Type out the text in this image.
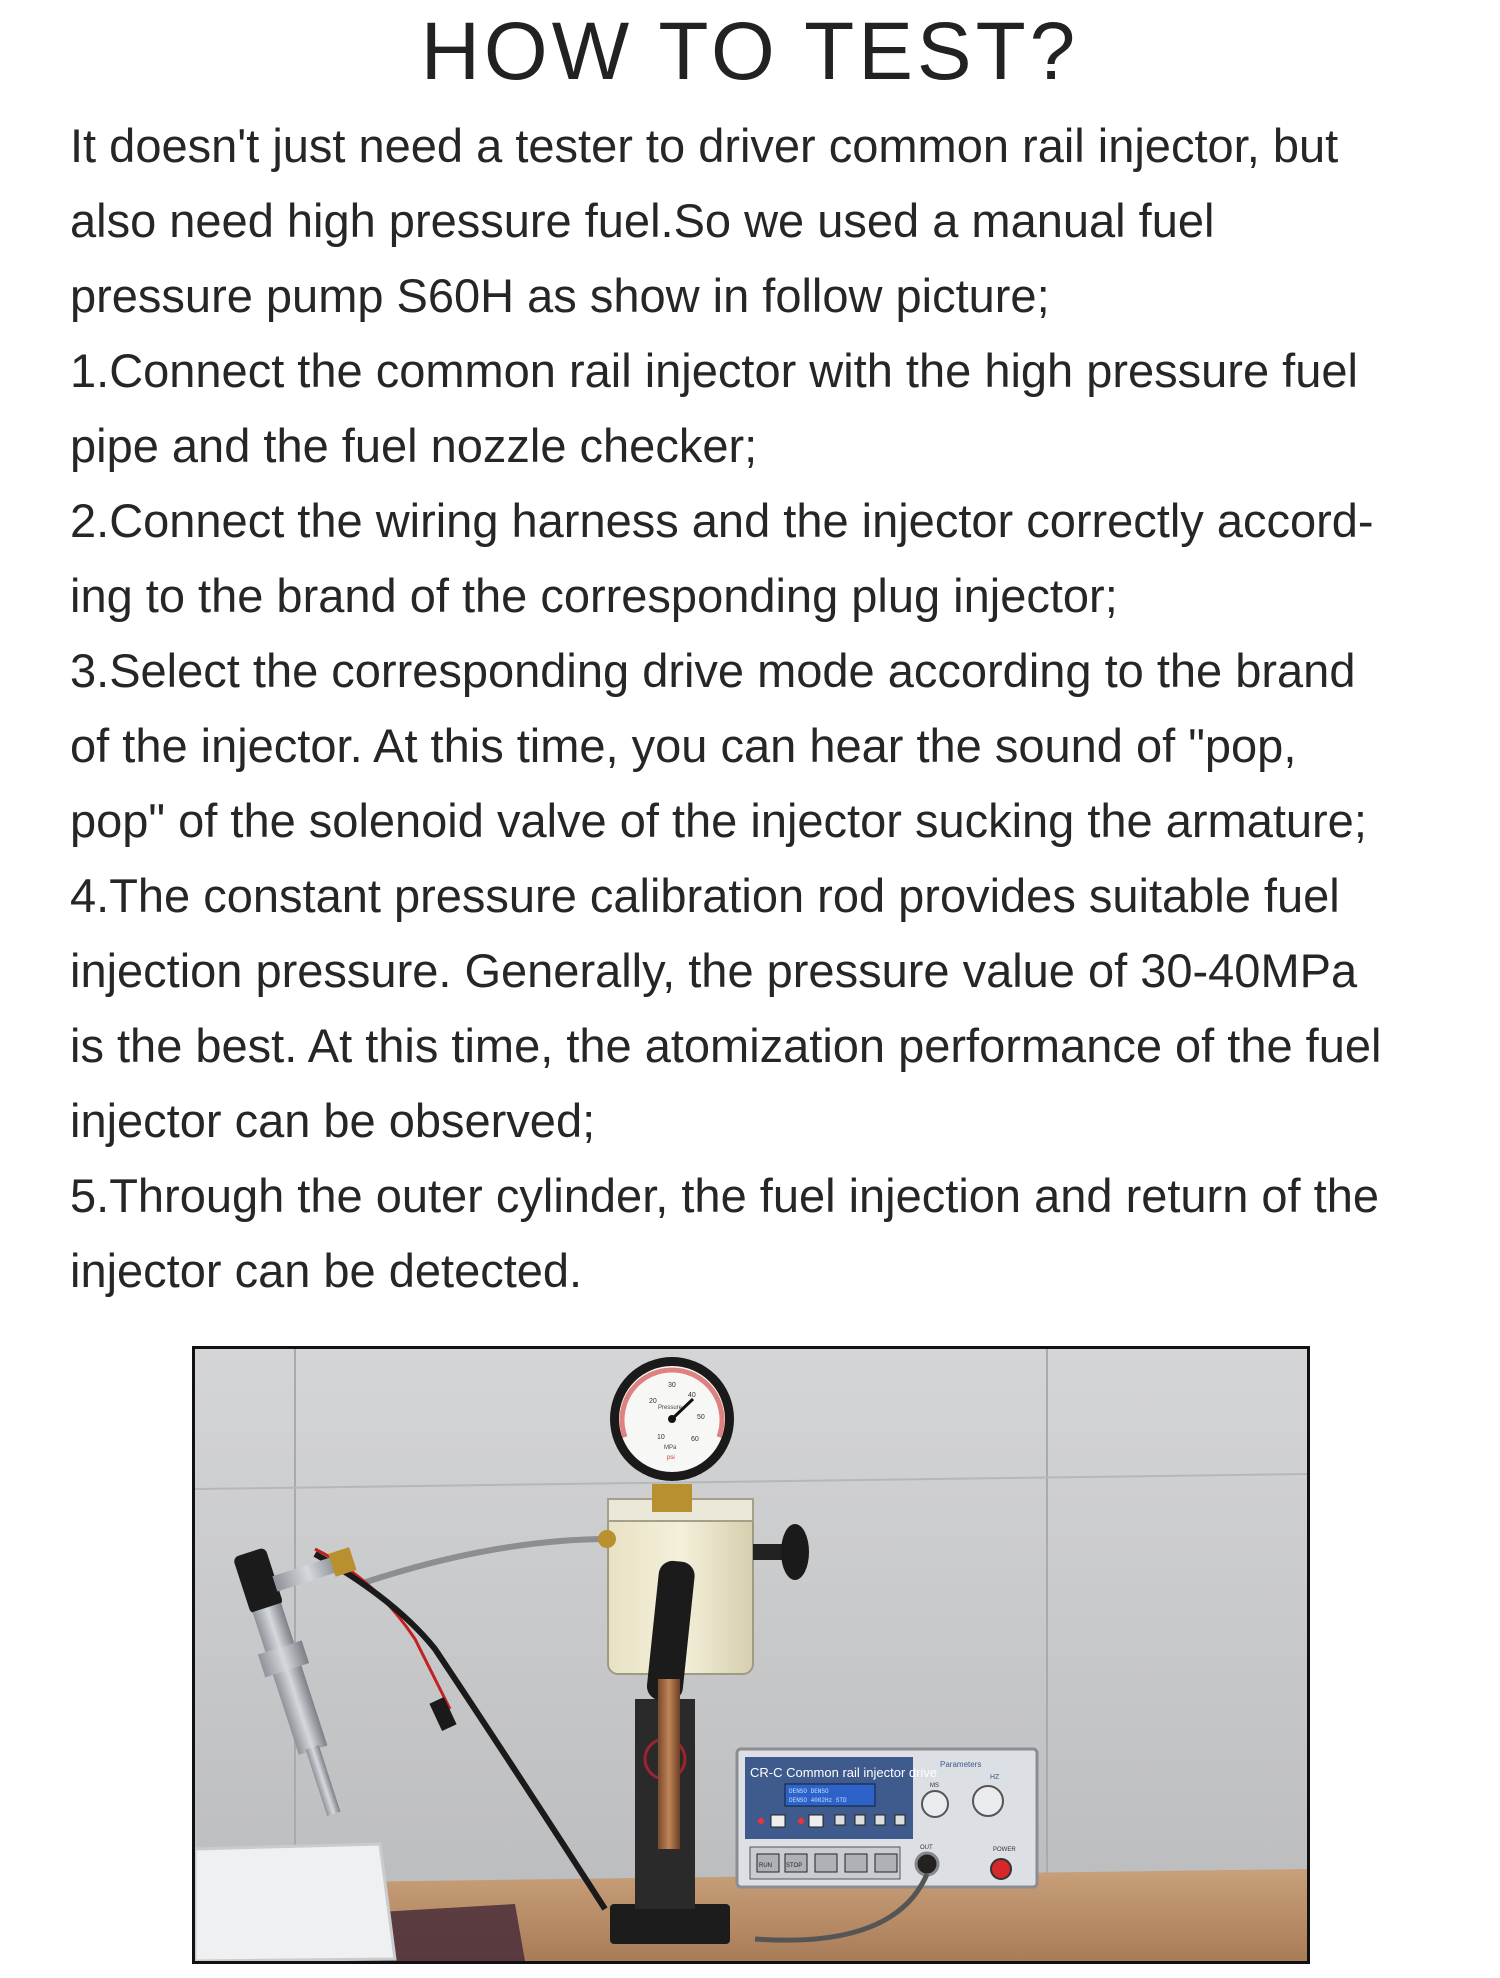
HOW TO TEST?
It doesn't just need a tester to driver common rail injector, but
also need high pressure fuel.So we used a manual fuel
pressure pump S60H as show in follow picture;
1.Connect the common rail injector with the high pressure fuel
pipe and the fuel nozzle checker;
2.Connect the wiring harness and the injector correctly accord-
ing to the brand of the corresponding plug injector;
3.Select the corresponding drive mode according to the brand
of the injector. At this time, you can hear the sound of "pop,
pop" of the solenoid valve of the injector sucking the armature;
4.The constant pressure calibration rod provides suitable fuel
injection pressure. Generally, the pressure value of 30-40MPa
is the best. At this time, the atomization performance of the fuel
injector can be observed;
5.Through the outer cylinder, the fuel injection and return of the
injector can be detected.
10
20
30
40
50
60
Pressure
MPa
psi
CR-C Common rail injector drive
DENSO DENSO
DENSO 4002Hz STD
RUN STOP
Parameters
HZ
MS
OUT	POWER
